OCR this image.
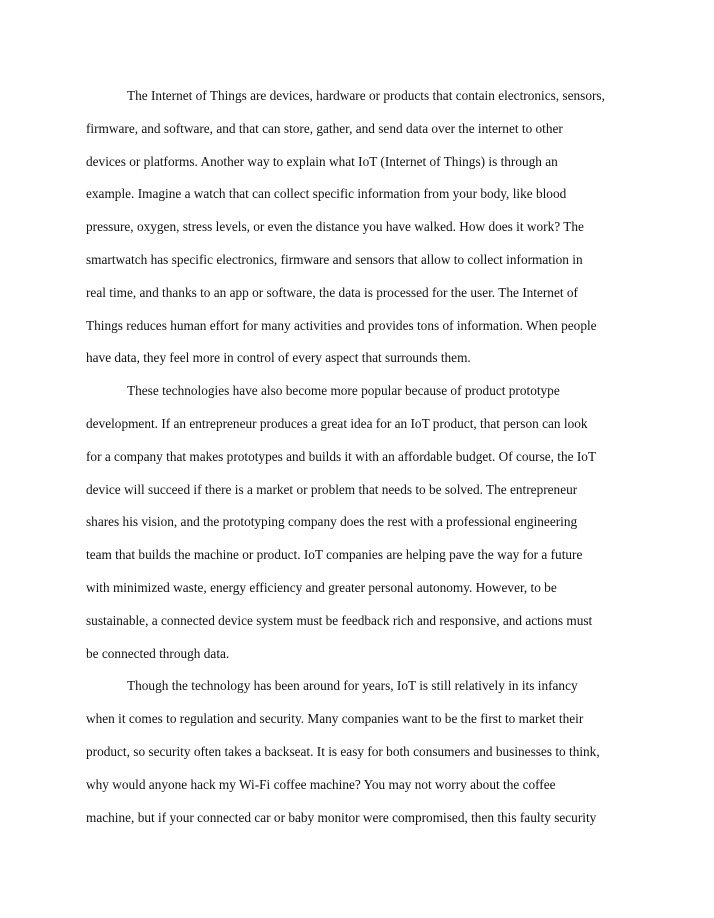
The Internet of Things are devices, hardware or products that contain electronics, sensors,
firmware, and software, and that can store, gather, and send data over the internet to other
devices or platforms. Another way to explain what IoT (Internet of Things) is through an
example. Imagine a watch that can collect specific information from your body, like blood
pressure, oxygen, stress levels, or even the distance you have walked. How does it work? The
smartwatch has specific electronics, firmware and sensors that allow to collect information in
real time, and thanks to an app or software, the data is processed for the user. The Internet of
Things reduces human effort for many activities and provides tons of information. When people
have data, they feel more in control of every aspect that surrounds them.

These technologies have also become more popular because of product prototype
development. If an entrepreneur produces a great idea for an IoT product, that person can look
for a company that makes prototypes and builds it with an affordable budget. Of course, the IoT
device will succeed if there is a market or problem that needs to be solved. The entrepreneur
shares his vision, and the prototyping company does the rest with a professional engineering
team that builds the machine or product. IoT companies are helping pave the way for a future
with minimized waste, energy efficiency and greater personal autonomy. However, to be
sustainable, a connected device system must be feedback rich and responsive, and actions must
be connected through data.

Though the technology has been around for years, IoT is still relatively in its infancy
when it comes to regulation and security. Many companies want to be the first to market their
product, so security often takes a backseat. It is easy for both consumers and businesses to think,
why would anyone hack my Wi-Fi coffee machine? You may not worry about the coffee
machine, but if your connected car or baby monitor were compromised, then this faulty security
